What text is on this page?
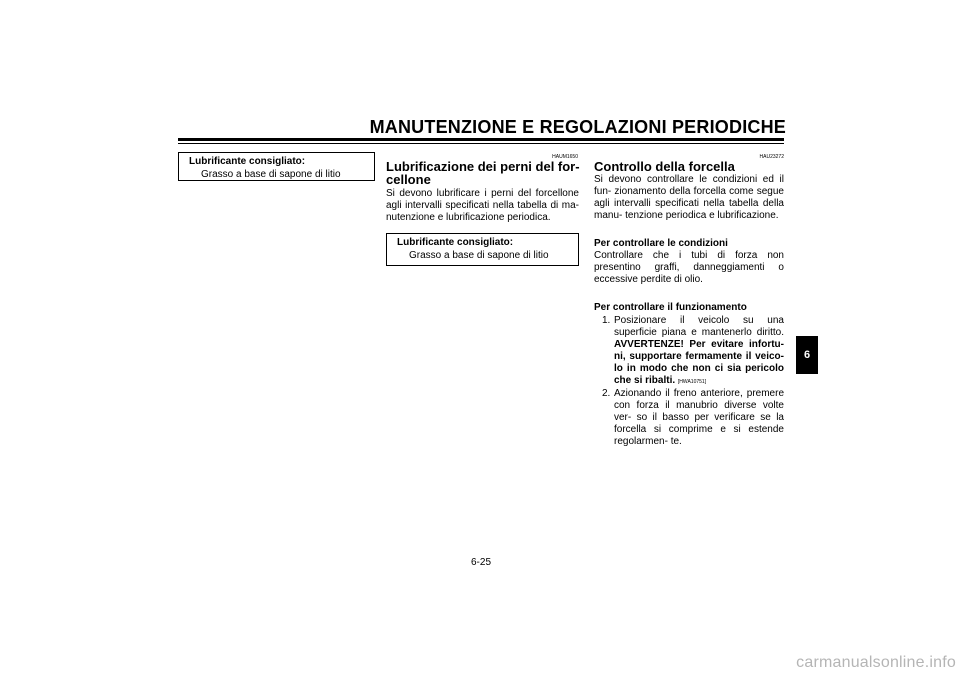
MANUTENZIONE E REGOLAZIONI PERIODICHE
Lubrificante consigliato:
Grasso a base di sapone di litio
HAUM1650
Lubrificazione dei perni del for-
cellone

Si devono lubrificare i perni del forcellone agli intervalli specificati nella tabella di ma- nutenzione e lubrificazione periodica.

Lubrificante consigliato:
Grasso a base di sapone di litio
HAU23272
Controllo della forcella

Si devono controllare le condizioni ed il fun- zionamento della forcella come segue agli intervalli specificati nella tabella della manu- tenzione periodica e lubrificazione.

Per controllare le condizioni
Controllare che i tubi di forza non presentino graffi, danneggiamenti o eccessive perdite di olio.

Per controllare il funzionamento

1. Posizionare il veicolo su una superficie piana e mantenerlo diritto. AVVERTENZE! Per evitare infortu- ni, supportare fermamente il veico- lo in modo che non ci sia pericolo che si ribalti. [HWA10751]
2. Azionando il freno anteriore, premere con forza il manubrio diverse volte ver- so il basso per verificare se la forcella si comprime e si estende regolarmen- te.
6
6-25
carmanualsonline.info
